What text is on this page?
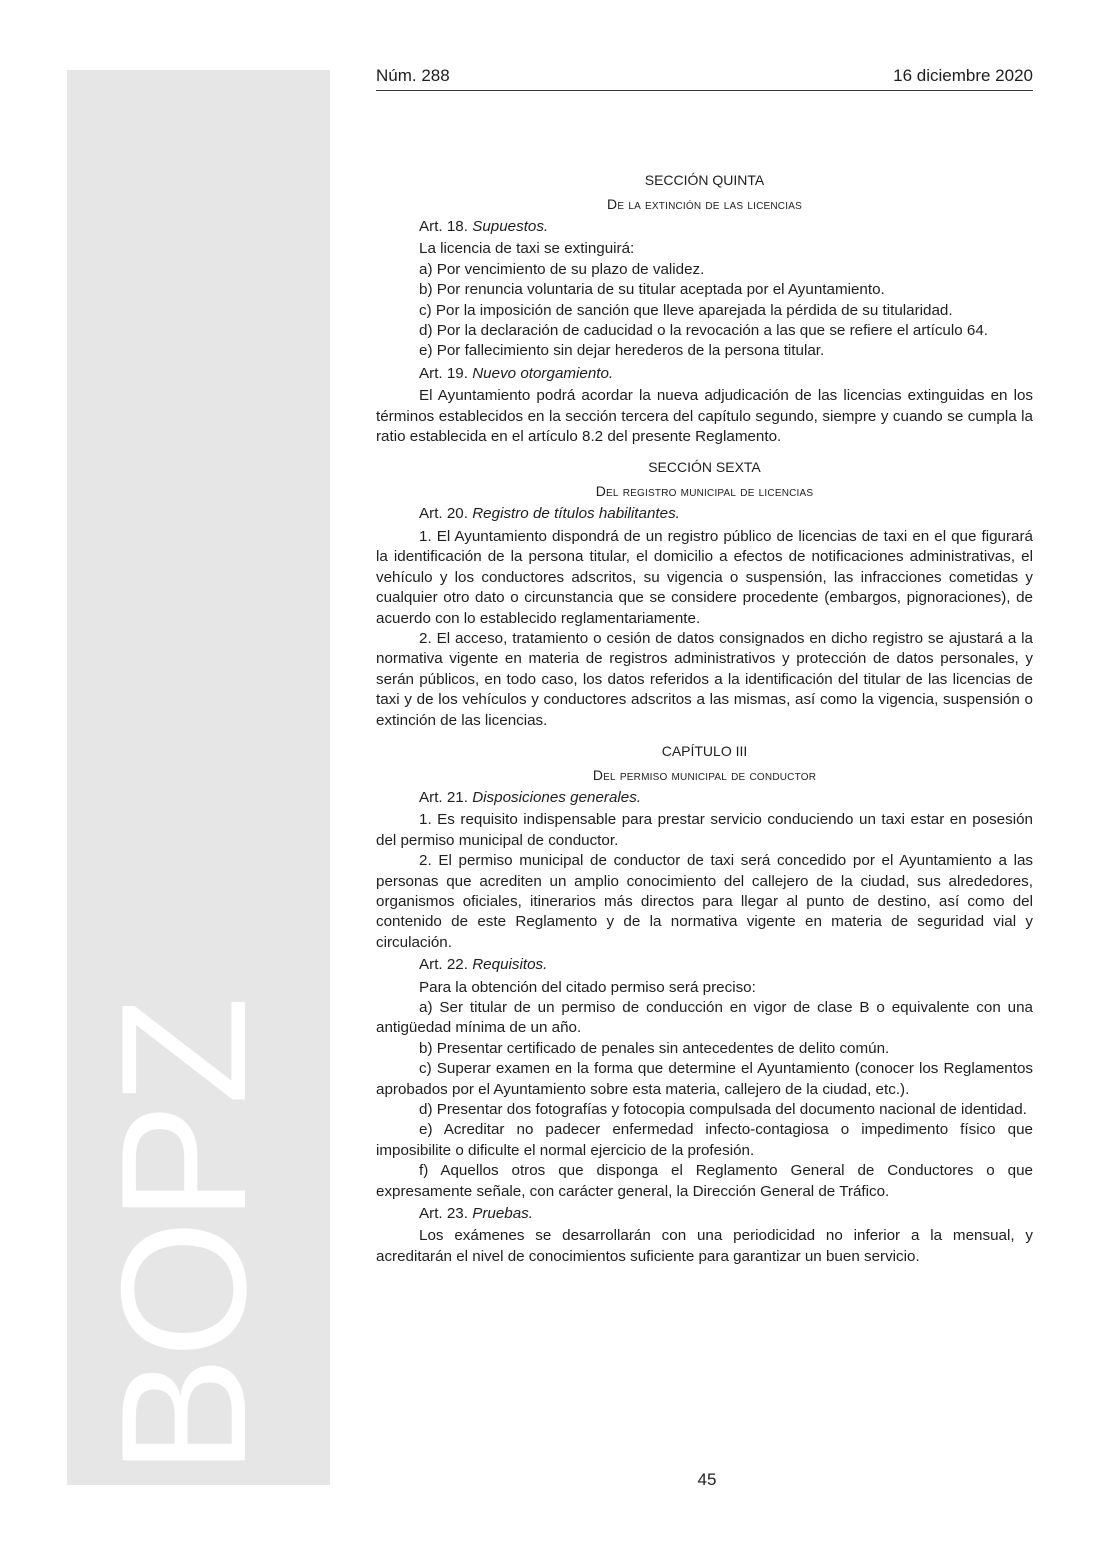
BOPZ
Núm. 288	16 diciembre 2020

SECCIÓN QUINTA

De la extinción de las licencias

Art. 18. Supuestos.

La licencia de taxi se extinguirá:

a) Por vencimiento de su plazo de validez.

b) Por renuncia voluntaria de su titular aceptada por el Ayuntamiento.

c) Por la imposición de sanción que lleve aparejada la pérdida de su titularidad.

d) Por la declaración de caducidad o la revocación a las que se refiere el artículo 64.

e) Por fallecimiento sin dejar herederos de la persona titular.

Art. 19. Nuevo otorgamiento.

El Ayuntamiento podrá acordar la nueva adjudicación de las licencias extinguidas en los términos establecidos en la sección tercera del capítulo segundo, siempre y cuando se cumpla la ratio establecida en el artículo 8.2 del presente Reglamento.

SECCIÓN SEXTA

Del registro municipal de licencias

Art. 20. Registro de títulos habilitantes.

1. El Ayuntamiento dispondrá de un registro público de licencias de taxi en el que figurará la identificación de la persona titular, el domicilio a efectos de notificaciones administrativas, el vehículo y los conductores adscritos, su vigencia o suspensión, las infracciones cometidas y cualquier otro dato o circunstancia que se considere procedente (embargos, pignoraciones), de acuerdo con lo establecido reglamentariamente.

2. El acceso, tratamiento o cesión de datos consignados en dicho registro se ajustará a la normativa vigente en materia de registros administrativos y protección de datos personales, y serán públicos, en todo caso, los datos referidos a la identificación del titular de las licencias de taxi y de los vehículos y conductores adscritos a las mismas, así como la vigencia, suspensión o extinción de las licencias.

CAPÍTULO III

Del permiso municipal de conductor

Art. 21. Disposiciones generales.

1. Es requisito indispensable para prestar servicio conduciendo un taxi estar en posesión del permiso municipal de conductor.

2. El permiso municipal de conductor de taxi será concedido por el Ayuntamiento a las personas que acrediten un amplio conocimiento del callejero de la ciudad, sus alrededores, organismos oficiales, itinerarios más directos para llegar al punto de destino, así como del contenido de este Reglamento y de la normativa vigente en materia de seguridad vial y circulación.

Art. 22. Requisitos.

Para la obtención del citado permiso será preciso:

a) Ser titular de un permiso de conducción en vigor de clase B o equivalente con una antigüedad mínima de un año.

b) Presentar certificado de penales sin antecedentes de delito común.

c) Superar examen en la forma que determine el Ayuntamiento (conocer los Reglamentos aprobados por el Ayuntamiento sobre esta materia, callejero de la ciudad, etc.).

d) Presentar dos fotografías y fotocopia compulsada del documento nacional de identidad.

e) Acreditar no padecer enfermedad infecto-contagiosa o impedimento físico que imposibilite o dificulte el normal ejercicio de la profesión.

f) Aquellos otros que disponga el Reglamento General de Conductores o que expresamente señale, con carácter general, la Dirección General de Tráfico.

Art. 23. Pruebas.

Los exámenes se desarrollarán con una periodicidad no inferior a la mensual, y acreditarán el nivel de conocimientos suficiente para garantizar un buen servicio.

45
